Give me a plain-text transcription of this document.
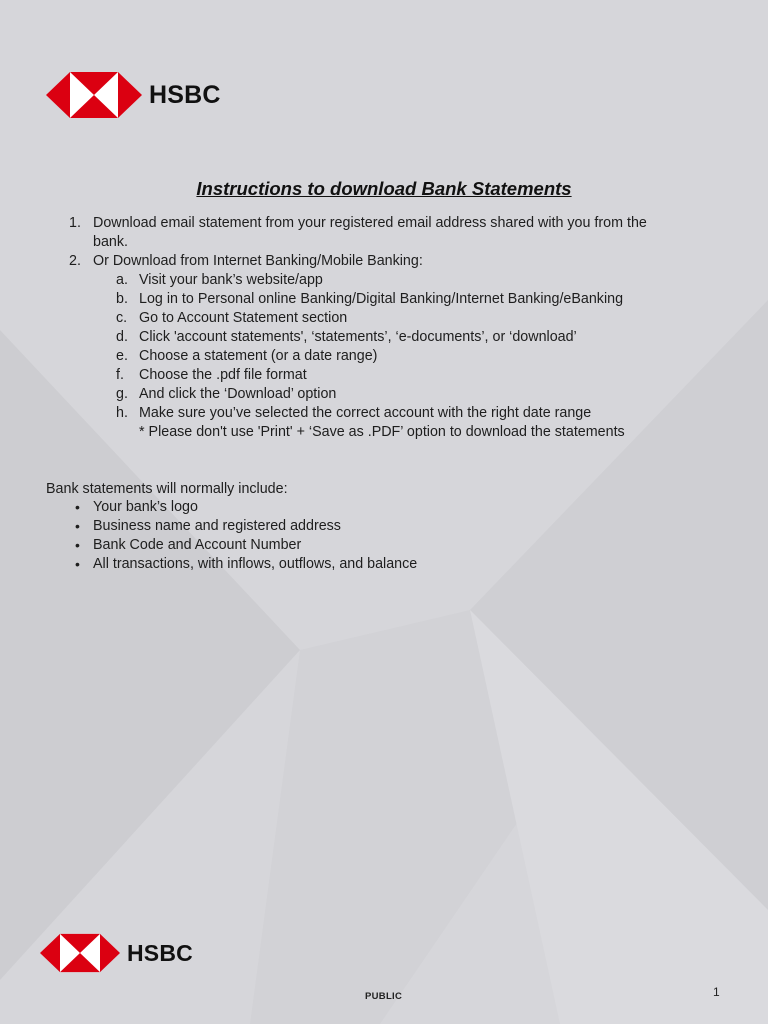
HSBC
Instructions to download Bank Statements
1. Download email statement from your registered email address shared with you from the
bank.
2. Or Download from Internet Banking/Mobile Banking:
a. Visit your bank’s website/app
b. Log in to Personal online Banking/Digital Banking/Internet Banking/eBanking
c. Go to Account Statement section
d. Click 'account statements', ‘statements’, ‘e-documents’, or ‘download’
e. Choose a statement (or a date range)
f. Choose the .pdf file format
g. And click the ‘Download’ option
h. Make sure you’ve selected the correct account with the right date range
* Please don't use 'Print' + ‘Save as .PDF’ option to download the statements
Bank statements will normally include:
• Your bank’s logo
• Business name and registered address
• Bank Code and Account Number
• All transactions, with inflows, outflows, and balance
HSBC
PUBLIC	1
